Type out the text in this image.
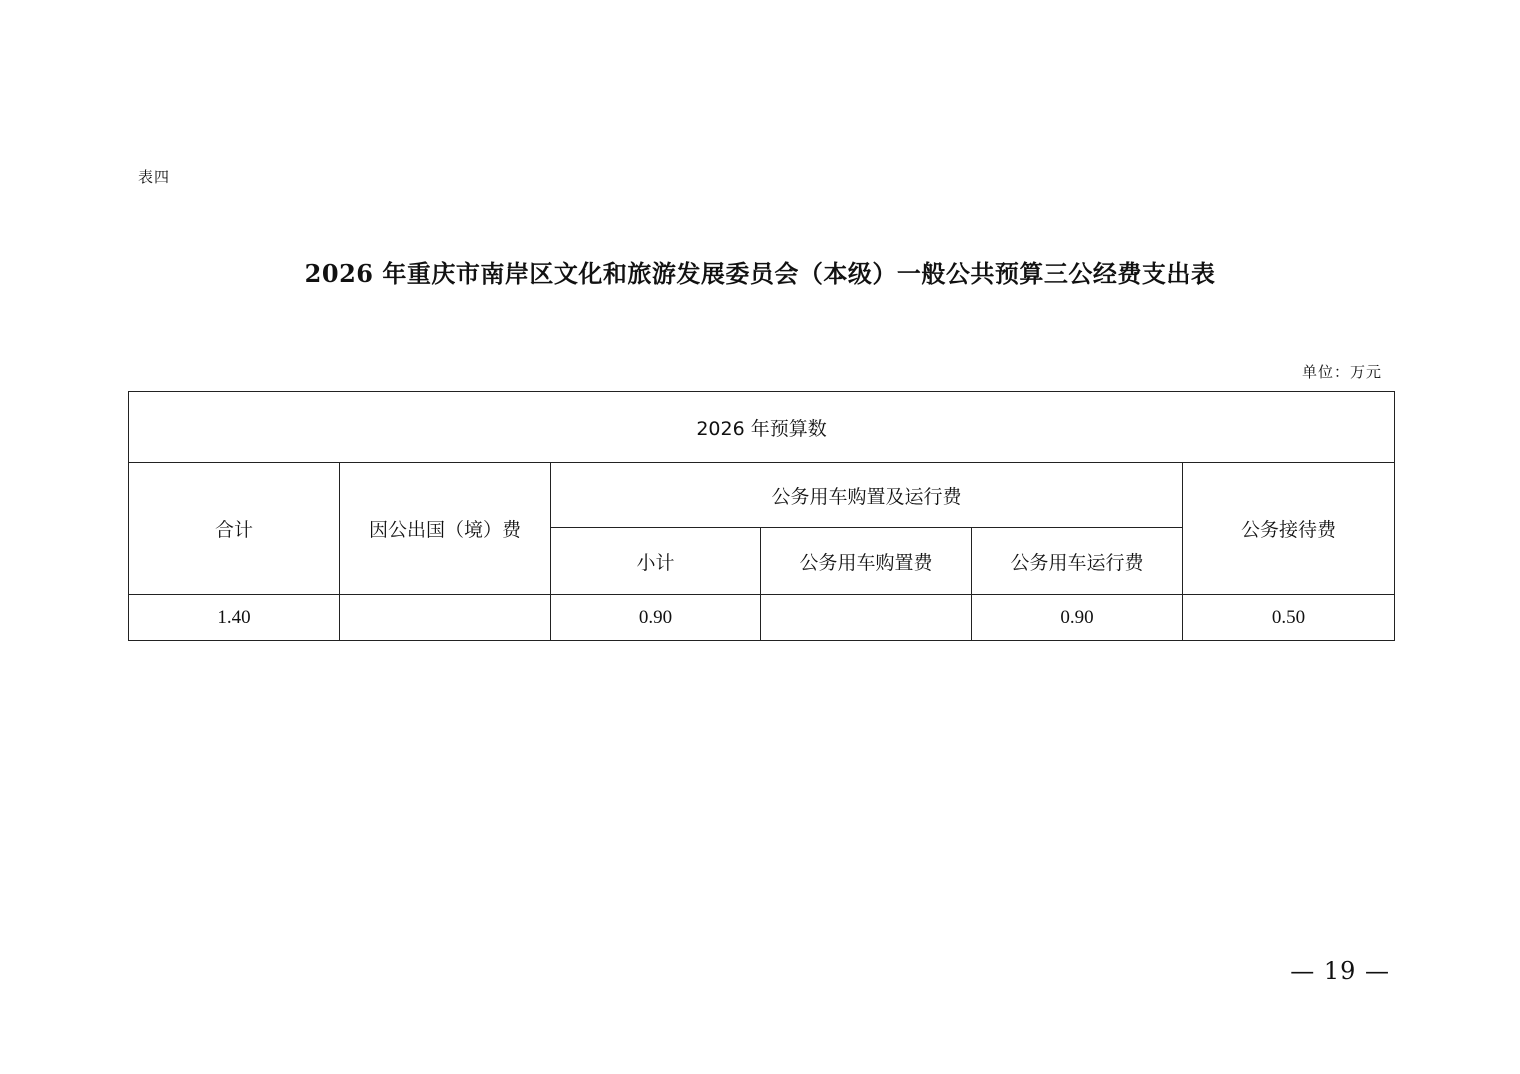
表四
2026 年重庆市南岸区文化和旅游发展委员会（本级）一般公共预算三公经费支出表
单位：万元
2026 年预算数					
合计	因公出国（境）费	公务用车购置及运行费			公务接待费
		小计	公务用车购置费	公务用车运行费	
1.40		0.90		0.90	0.50
— 19 —
